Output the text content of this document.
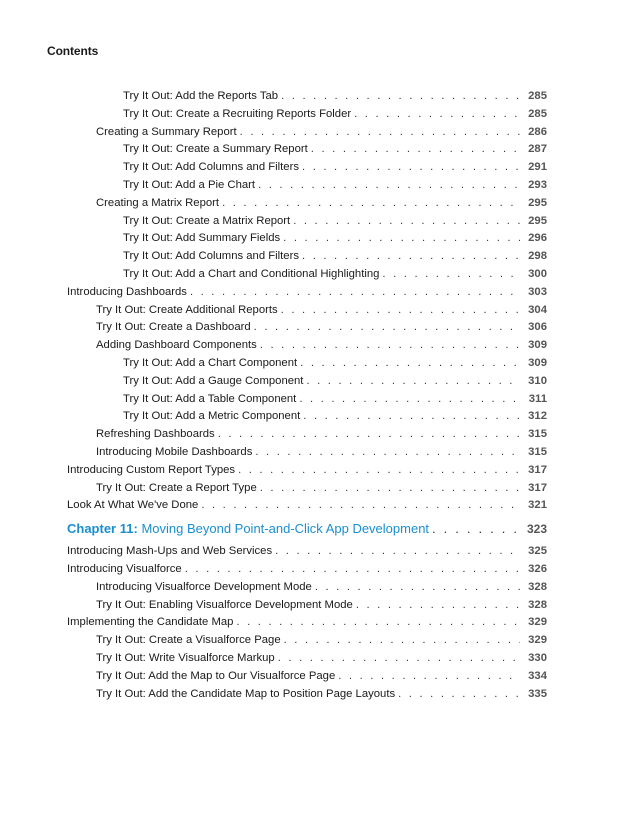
Contents
Try It Out: Add the Reports Tab . . .	285
Try It Out: Create a Recruiting Reports Folder . . .	285
Creating a Summary Report . . .	286
Try It Out: Create a Summary Report . . .	287
Try It Out: Add Columns and Filters . . .	291
Try It Out: Add a Pie Chart . . .	293
Creating a Matrix Report . . .	295
Try It Out: Create a Matrix Report . . .	295
Try It Out: Add Summary Fields . . .	296
Try It Out: Add Columns and Filters . . .	298
Try It Out: Add a Chart and Conditional Highlighting . . .	300
Introducing Dashboards . . .	303
Try It Out: Create Additional Reports . . .	304
Try It Out: Create a Dashboard . . .	306
Adding Dashboard Components . . .	309
Try It Out: Add a Chart Component . . .	309
Try It Out: Add a Gauge Component . . .	310
Try It Out: Add a Table Component . . .	311
Try It Out: Add a Metric Component . . .	312
Refreshing Dashboards . . .	315
Introducing Mobile Dashboards . . .	315
Introducing Custom Report Types . . .	317
Try It Out: Create a Report Type . . .	317
Look At What We've Done . . .	321
Chapter 11: Moving Beyond Point-and-Click App Development . . .	323
Introducing Mash-Ups and Web Services . . .	325
Introducing Visualforce . . .	326
Introducing Visualforce Development Mode . . .	328
Try It Out: Enabling Visualforce Development Mode . . .	328
Implementing the Candidate Map . . .	329
Try It Out: Create a Visualforce Page . . .	329
Try It Out: Write Visualforce Markup . . .	330
Try It Out: Add the Map to Our Visualforce Page . . .	334
Try It Out: Add the Candidate Map to Position Page Layouts . . .	335
